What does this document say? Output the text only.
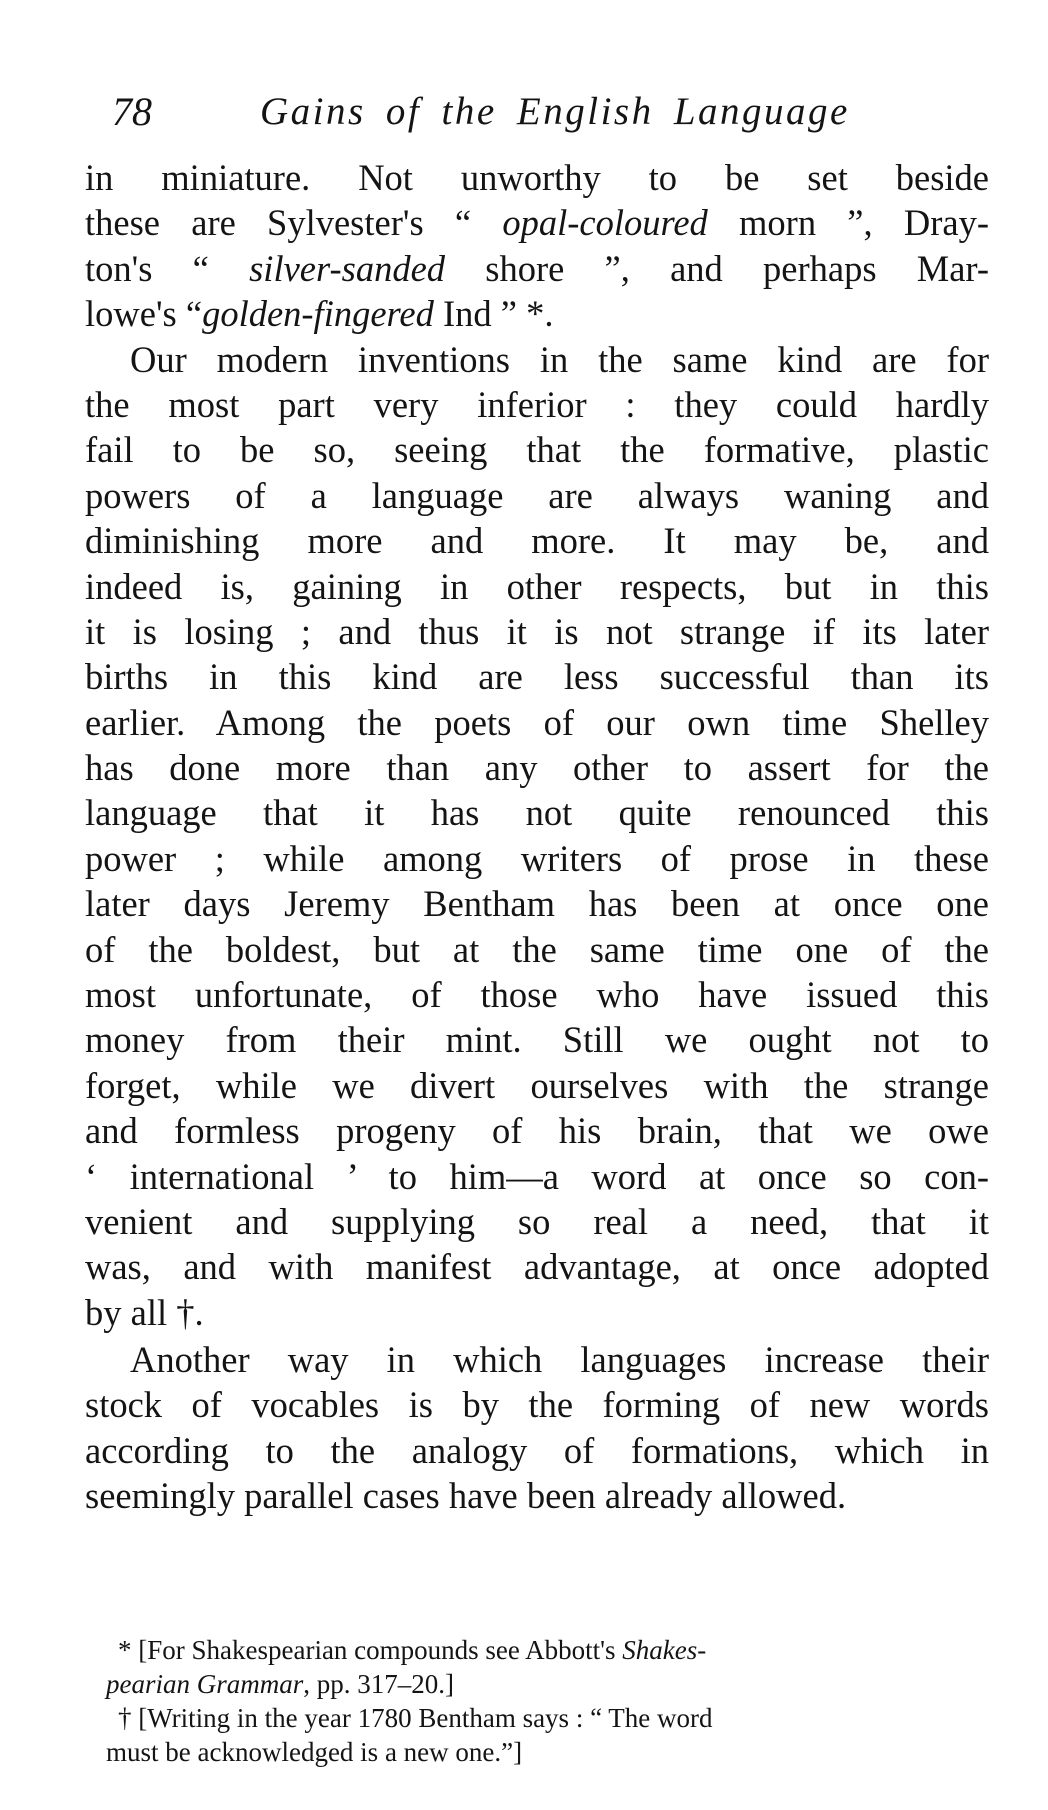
78	Gains of the English Language
in miniature. Not unworthy to be set beside
these are Sylvester's “ opal-coloured morn ”, Dray-
ton's “ silver-sanded shore ”, and perhaps Mar-
lowe's “golden-fingered Ind ” *.
Our modern inventions in the same kind are for
the most part very inferior : they could hardly
fail to be so, seeing that the formative, plastic
powers of a language are always waning and
diminishing more and more. It may be, and
indeed is, gaining in other respects, but in this
it is losing ; and thus it is not strange if its later
births in this kind are less successful than its
earlier. Among the poets of our own time Shelley
has done more than any other to assert for the
language that it has not quite renounced this
power ; while among writers of prose in these
later days Jeremy Bentham has been at once one
of the boldest, but at the same time one of the
most unfortunate, of those who have issued this
money from their mint. Still we ought not to
forget, while we divert ourselves with the strange
and formless progeny of his brain, that we owe
‘ international ’ to him—a word at once so con-
venient and supplying so real a need, that it
was, and with manifest advantage, at once adopted
by all †.
Another way in which languages increase their
stock of vocables is by the forming of new words
according to the analogy of formations, which in
seemingly parallel cases have been already allowed.
* [For Shakespearian compounds see Abbott's Shakes-
pearian Grammar, pp. 317–20.]
† [Writing in the year 1780 Bentham says : “ The word
must be acknowledged is a new one.”]
